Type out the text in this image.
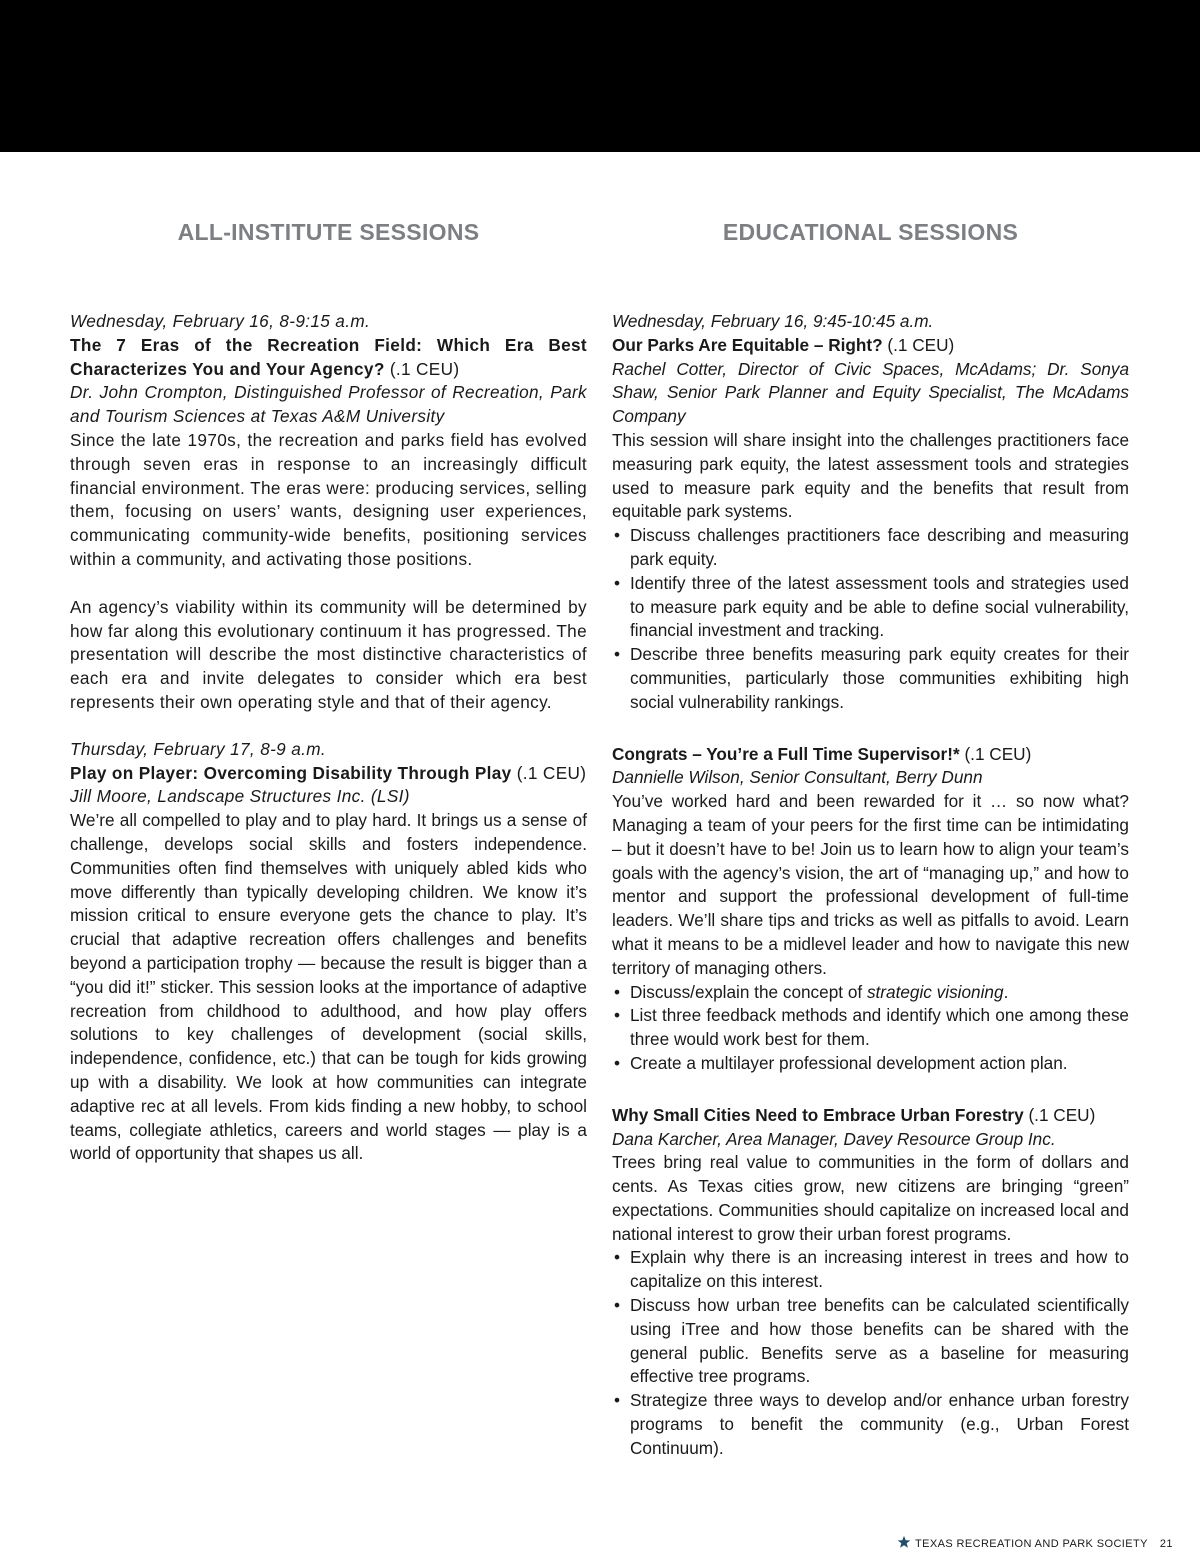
ALL-INSTITUTE SESSIONS

Wednesday, February 16, 8-9:15 a.m.

The 7 Eras of the Recreation Field: Which Era Best Characterizes You and Your Agency? (.1 CEU)

Dr. John Crompton, Distinguished Professor of Recreation, Park and Tourism Sciences at Texas A&M University

Since the late 1970s, the recreation and parks field has evolved through seven eras in response to an increasingly difficult financial environment. The eras were: producing services, selling them, focusing on users’ wants, designing user experiences, communicating community-wide benefits, positioning services within a community, and activating those positions.

An agency’s viability within its community will be determined by how far along this evolutionary continuum it has progressed. The presentation will describe the most distinctive characteristics of each era and invite delegates to consider which era best represents their own operating style and that of their agency.

Thursday, February 17, 8-9 a.m.

Play on Player: Overcoming Disability Through Play (.1 CEU)

Jill Moore, Landscape Structures Inc. (LSI)

We’re all compelled to play and to play hard. It brings us a sense of challenge, develops social skills and fosters independence. Communities often find themselves with uniquely abled kids who move differently than typically developing children. We know it’s mission critical to ensure everyone gets the chance to play. It’s crucial that adaptive recreation offers challenges and benefits beyond a participation trophy — because the result is bigger than a “you did it!” sticker. This session looks at the importance of adaptive recreation from childhood to adulthood, and how play offers solutions to key challenges of development (social skills, independence, confidence, etc.) that can be tough for kids growing up with a disability. We look at how communities can integrate adaptive rec at all levels. From kids finding a new hobby, to school teams, collegiate athletics, careers and world stages — play is a world of opportunity that shapes us all.

EDUCATIONAL SESSIONS

Wednesday, February 16, 9:45-10:45 a.m.

Our Parks Are Equitable – Right? (.1 CEU)

Rachel Cotter, Director of Civic Spaces, McAdams; Dr. Sonya Shaw, Senior Park Planner and Equity Specialist, The McAdams Company

This session will share insight into the challenges practitioners face measuring park equity, the latest assessment tools and strategies used to measure park equity and the benefits that result from equitable park systems.

• Discuss challenges practitioners face describing and measuring park equity.
• Identify three of the latest assessment tools and strategies used to measure park equity and be able to define social vulnerability, financial investment and tracking.
• Describe three benefits measuring park equity creates for their communities, particularly those communities exhibiting high social vulnerability rankings.

Congrats – You’re a Full Time Supervisor!* (.1 CEU)

Dannielle Wilson, Senior Consultant, Berry Dunn

You’ve worked hard and been rewarded for it … so now what? Managing a team of your peers for the first time can be intimidating – but it doesn’t have to be! Join us to learn how to align your team’s goals with the agency’s vision, the art of “managing up,” and how to mentor and support the professional development of full-time leaders. We’ll share tips and tricks as well as pitfalls to avoid. Learn what it means to be a midlevel leader and how to navigate this new territory of managing others.

• Discuss/explain the concept of strategic visioning.
• List three feedback methods and identify which one among these three would work best for them.
• Create a multilayer professional development action plan.

Why Small Cities Need to Embrace Urban Forestry (.1 CEU)

Dana Karcher, Area Manager, Davey Resource Group Inc.

Trees bring real value to communities in the form of dollars and cents. As Texas cities grow, new citizens are bringing “green” expectations. Communities should capitalize on increased local and national interest to grow their urban forest programs.

• Explain why there is an increasing interest in trees and how to capitalize on this interest.
• Discuss how urban tree benefits can be calculated scientifically using iTree and how those benefits can be shared with the general public. Benefits serve as a baseline for measuring effective tree programs.
• Strategize three ways to develop and/or enhance urban forestry programs to benefit the community (e.g., Urban Forest Continuum).
TEXAS RECREATION AND PARK SOCIETY 21
